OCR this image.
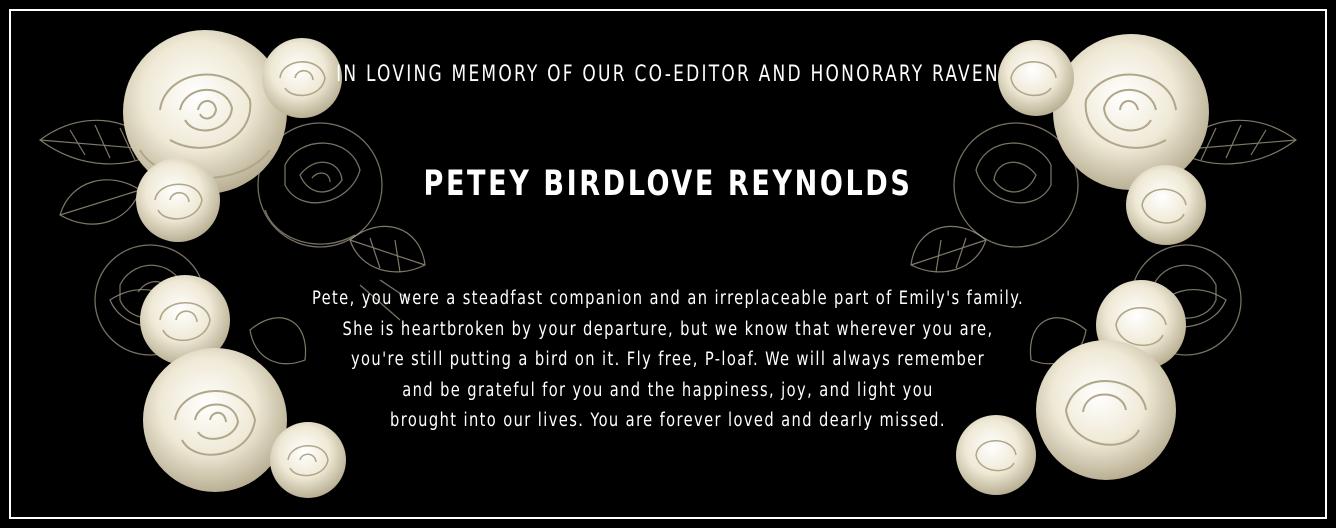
IN LOVING MEMORY OF OUR CO-EDITOR AND HONORARY RAVEN
PETEY BIRDLOVE REYNOLDS
Pete, you were a steadfast companion and an irreplaceable part of Emily's family.
She is heartbroken by your departure, but we know that wherever you are,
you're still putting a bird on it. Fly free, P-loaf. We will always remember
and be grateful for you and the happiness, joy, and light you
brought into our lives. You are forever loved and dearly missed.
